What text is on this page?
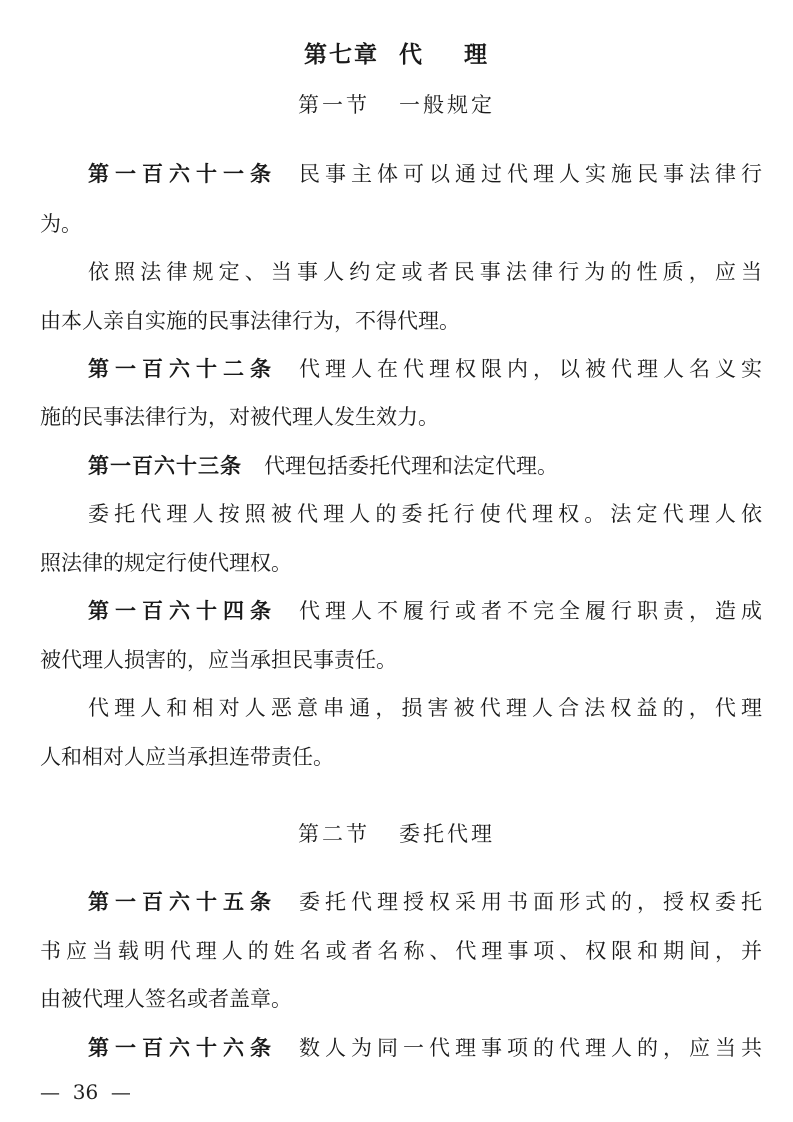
第七章  代    理
第一节   一般规定
第一百六十一条 民事主体可以通过代理人实施民事法律行
为。
依照法律规定、当事人约定或者民事法律行为的性质，应当
由本人亲自实施的民事法律行为，不得代理。
第一百六十二条 代理人在代理权限内，以被代理人名义实
施的民事法律行为，对被代理人发生效力。
第一百六十三条 代理包括委托代理和法定代理。
委托代理人按照被代理人的委托行使代理权。法定代理人依
照法律的规定行使代理权。
第一百六十四条 代理人不履行或者不完全履行职责，造成
被代理人损害的，应当承担民事责任。
代理人和相对人恶意串通，损害被代理人合法权益的，代理
人和相对人应当承担连带责任。
第二节   委托代理
第一百六十五条 委托代理授权采用书面形式的，授权委托
书应当载明代理人的姓名或者名称、代理事项、权限和期间，并
由被代理人签名或者盖章。
第一百六十六条 数人为同一代理事项的代理人的，应当共
—  36  —
